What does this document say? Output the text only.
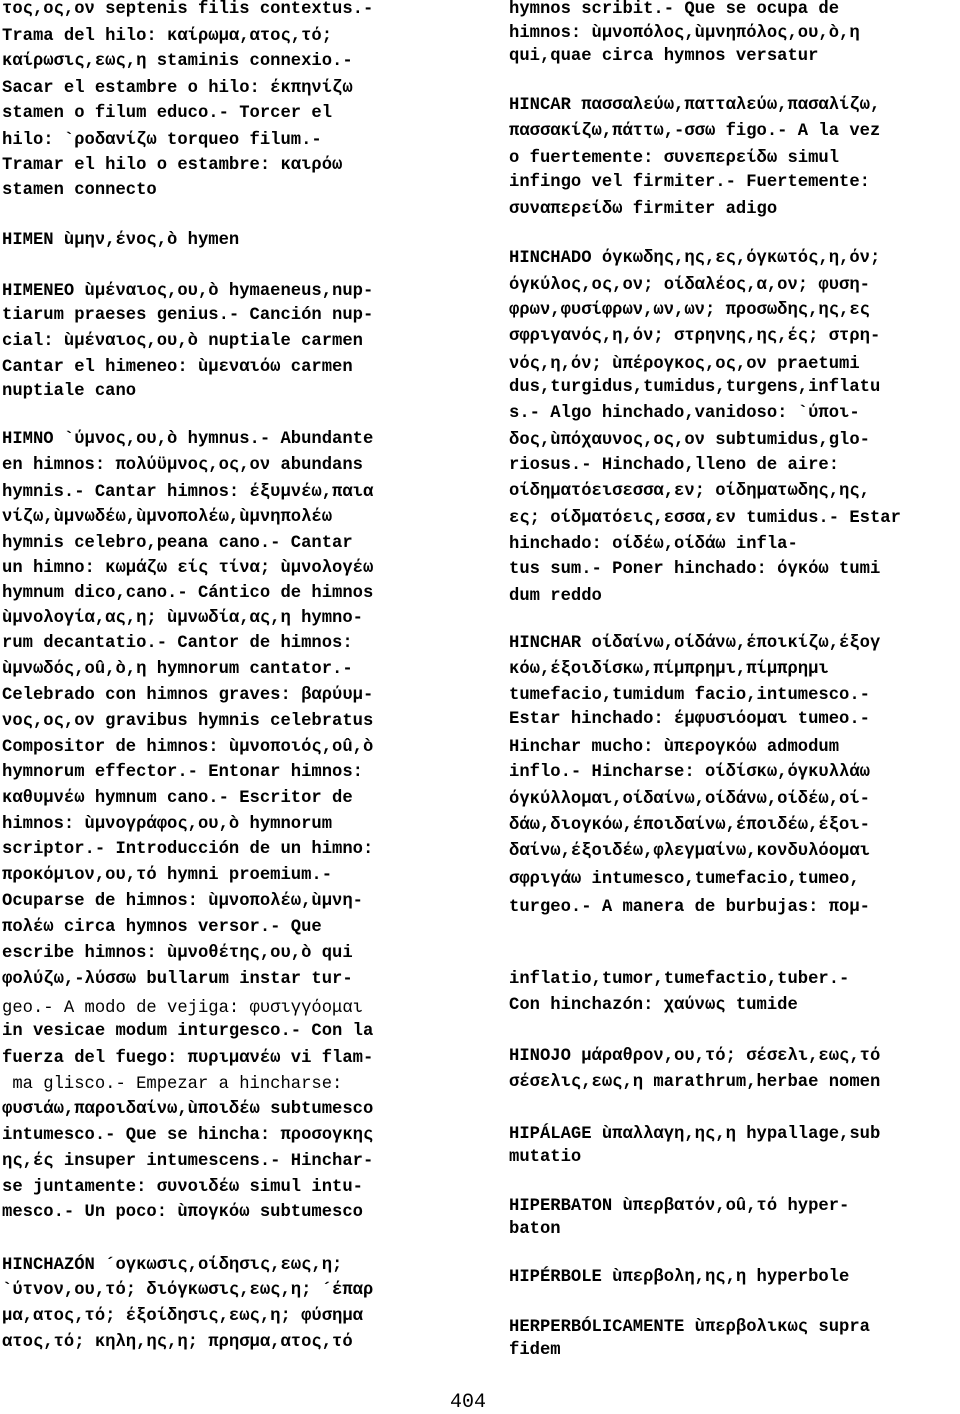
τος,ος,ον septenis filis contextus.-
Trama del hilo: καίρωμα,ατος,τό;
καίρωσις,εως,η staminis connexio.-
Sacar el estambre o hilo: έκπηνίζω
stamen o filum educo.- Torcer el
hilo: `ροδανίζω torqueo filum.-
Tramar el hilo o estambre: καιρόω
stamen connecto
HIMEN ùμην,ένος,ò hymen
HIMENEO ùμέναιος,ου,ò hymaeneus,nup-
tiarum praeses genius.- Canción nup-
cial: ùμέναιος,ου,ò nuptiale carmen
Cantar el himeneo: ùμεναιόω carmen
nuptiale cano
HIMNO `ύμνος,ου,ò hymnus.- Abundante
en himnos: πολύϋμνος,ος,ον abundans
hymnis.- Cantar himnos: έξυμνέω,παια
νίζω,ùμνωδέω,ùμνοπολέω,ùμνηπολέω
hymnis celebro,peana cano.- Cantar
un himno: κωμάζω είς τίνα; ùμνολογέω
hymnum dico,cano.- Cántico de himnos
ùμνολογία,ας,η; ùμνωδία,ας,η hymno-
rum decantatio.- Cantor de himnos:
ùμνωδός,οû,ò,η hymnorum cantator.-
Celebrado con himnos graves: βαρύυμ-
νος,ος,ον gravibus hymnis celebratus
Compositor de himnos: ùμνοποιός,οû,ò
hymnorum effector.- Entonar himnos:
καθυμνέω hymnum cano.- Escritor de
himnos: ùμνογράφος,ου,ò hymnorum
scriptor.- Introducción de un himno:
προκόμιον,ου,τό hymni proemium.-
Ocuparse de himnos: ùμνοπολέω,ùμνη-
πολέω circa hymnos versor.- Que
escribe himnos: ùμνοθέτης,ου,ò qui
φολύζω,-λύσσω bullarum instar tur-
geo.- A modo de vejiga: φυσιγγόομαι
in vesicae modum inturgesco.- Con la
fuerza del fuego: πυριμανέω vi flam-
ma glisco.- Empezar a hincharse:
φυσιάω,παροιδαίνω,ùποιδέω subtumesco
intumesco.- Que se hincha: προσογκης
ης,ές insuper intumescens.- Hinchar-
se juntamente: συνοιδέω simul intu-
mesco.- Un poco: ùπογκόω subtumesco
HINCHAZÓN ´ογκωσις,οίδησις,εως,η;
`ύτνον,ου,τό; διόγκωσις,εως,η; ´έπαρ
μα,ατος,τό; έξοίδησις,εως,η; φύσημα
ατος,τό; κηλη,ης,η; πρησμα,ατος,τό
hymnos scribit.- Que se ocupa de
himnos: ùμνοπόλος,ùμνηπόλος,ου,ò,η
qui,quae circa hymnos versatur
HINCAR πασσαλεύω,πατταλεύω,πασαλίζω,
πασσακίζω,πάττω,-σσω figo.- A la vez
o fuertemente: συνεπερείδω simul
infingo vel firmiter.- Fuertemente:
συναπερείδω firmiter adigo
HINCHADO όγκωδης,ης,ες,όγκωτός,η,όν;
όγκύλος,ος,ον; οίδαλέος,α,ον; φυση-
φρων,φυσίφρων,ων,ων; προσωδης,ης,ες
σφριγανός,η,όν; στρηνης,ης,ές; στρη-
νός,η,όν; ùπέρογκος,ος,ον praetumi
dus,turgidus,tumidus,turgens,inflatu
s.- Algo hinchado,vanidoso: `ύποι-
δος,ùπόχαυνος,ος,ον subtumidus,glo-
riosus.- Hinchado,lleno de aire:
οίδηματόεισεσσα,εν; οίδηματωδης,ης,
ες; οίδματόεις,εσσα,εν tumidus.- Estar
hinchado: οίδέω,οίδάω infla-
tus sum.- Poner hinchado: όγκόω tumi
dum reddo
HINCHAR οίδαίνω,οίδάνω,έποικίζω,έξογ
κόω,έξοιδίσκω,πίμπρημι,πίμπρημι
tumefacio,tumidum facio,intumesco.-
Estar hinchado: έμφυσιόομαι tumeo.-
Hinchar mucho: ùπερογκόω admodum
inflo.- Hincharse: οίδίσκω,όγκυλλάω
όγκύλλομαι,οίδαίνω,οίδάνω,οίδέω,οί-
δάω,διογκόω,έποιδαίνω,έποιδέω,έξοι-
δαίνω,έξοιδέω,φλεγμαίνω,κονδυλόομαι
σφριγάω intumesco,tumefacio,tumeo,
turgeo.- A manera de burbujas: πομ-
inflatio,tumor,tumefactio,tuber.-
Con hinchazón: χαύνως tumide
HINOJO μάραθρον,ου,τό; σέσελι,εως,τό
σέσελις,εως,η marathrum,herbae nomen
HIPÁLAGE ùπαλλαγη,ης,η hypallage,sub
mutatio
HIPERBATON ùπερβατόν,οû,τό hyper-
baton
HIPÉRBOLE ùπερβολη,ης,η hyperbole
HERPERBÓLICAMENTE ùπερβολικως supra
fidem
404
